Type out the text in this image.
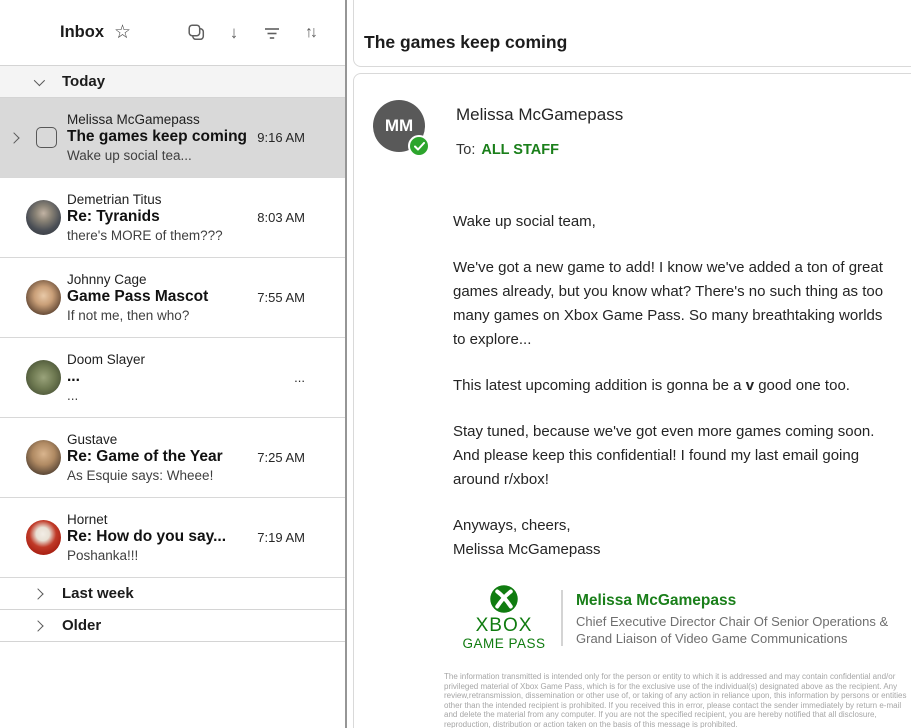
Inbox ☆	↓	↑↓
Today
Melissa McGamepass
The games keep coming 9:16 AM
Wake up social tea...
Demetrian Titus
Re: Tyranids	8:03 AM
there's MORE of them???
Johnny Cage
Game Pass Mascot	7:55 AM
If not me, then who?
Doom Slayer
...	...
...
Gustave
Re: Game of the Year	7:25 AM
As Esquie says: Wheee!
Hornet
Re: How do you say... 7:19 AM
Poshanka!!!
Last week
Older
The games keep coming
MM
Melissa McGamepass
To: ALL STAFF

Wake up social team,

We've got a new game to add! I know we've added a ton of great games already, but you know what? There's no such thing as too many games on Xbox Game Pass. So many breathtaking worlds to explore...

This latest upcoming addition is gonna be a v good one too.

Stay tuned, because we've got even more games coming soon. And please keep this confidential! I found my last email going around r/xbox!

Anyways, cheers,
Melissa McGamepass

XBOX
GAME PASS
Melissa McGamepass
Chief Executive Director Chair Of Senior Operations &
Grand Liaison of Video Game Communications

The information transmitted is intended only for the person or entity to which it is addressed and may contain confidential and/or privileged material of Xbox Game Pass, which is for the exclusive use of the individual(s) designated above as the recipient. Any review,retransmission, dissemination or other use of, or taking of any action in reliance upon, this information by persons or entities other than the intended recipient is prohibited. If you received this in error, please contact the sender immediately by return e-mail and delete the material from any computer. If you are not the specified recipient, you are hereby notified that all disclosure, reproduction, distribution or action taken on the basis of this message is prohibited.
